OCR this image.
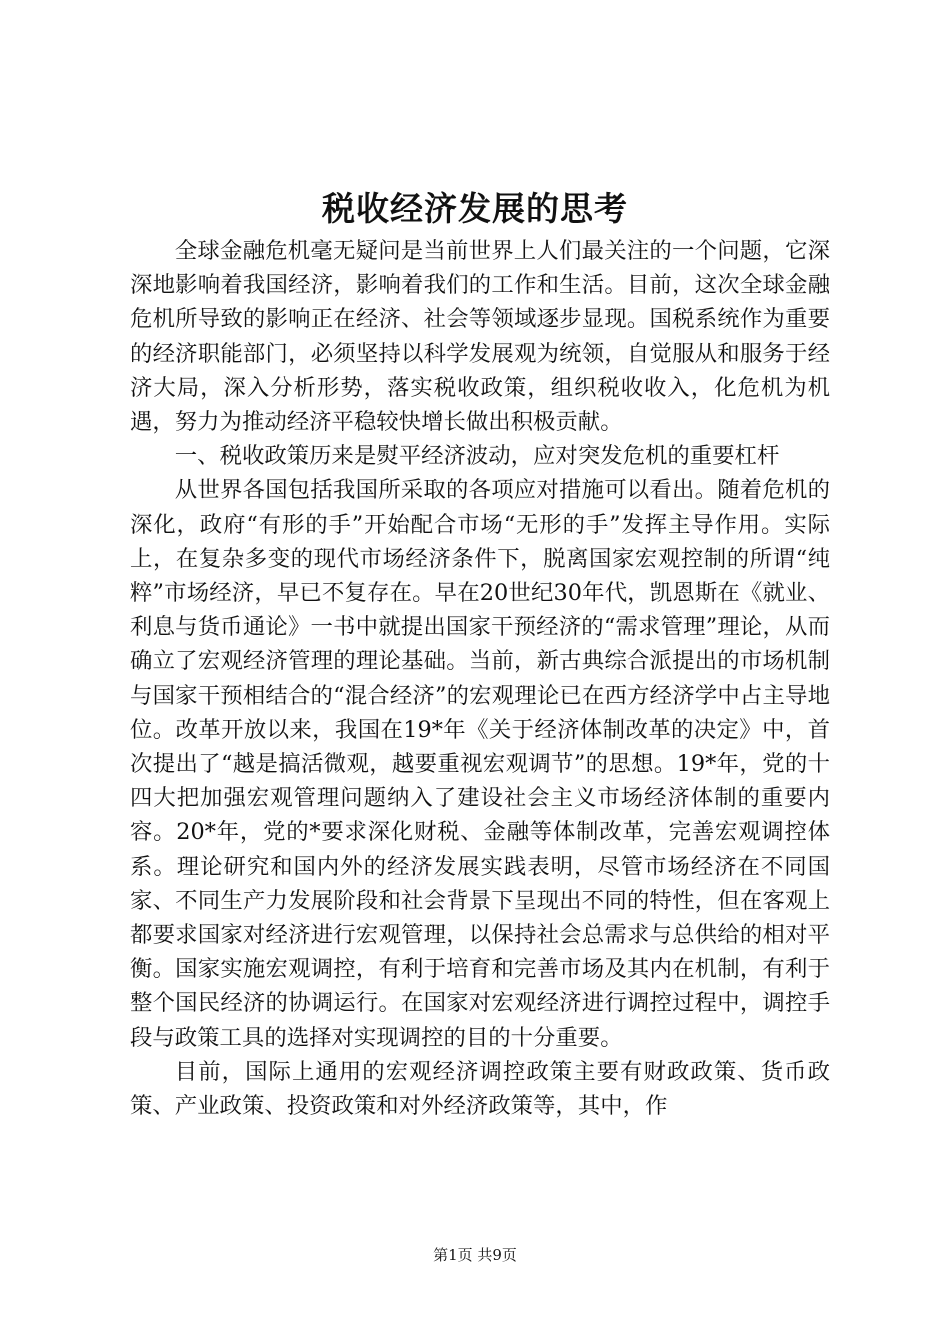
税收经济发展的思考

全球金融危机毫无疑问是当前世界上人们最关注的一个问题，它深深地影响着我国经济，影响着我们的工作和生活。目前，这次全球金融危机所导致的影响正在经济、社会等领域逐步显现。国税系统作为重要的经济职能部门，必须坚持以科学发展观为统领，自觉服从和服务于经济大局，深入分析形势，落实税收政策，组织税收收入，化危机为机遇，努力为推动经济平稳较快增长做出积极贡献。

一、税收政策历来是熨平经济波动，应对突发危机的重要杠杆

从世界各国包括我国所采取的各项应对措施可以看出。随着危机的深化，政府“有形的手”开始配合市场“无形的手”发挥主导作用。实际上，在复杂多变的现代市场经济条件下，脱离国家宏观控制的所谓“纯粹”市场经济，早已不复存在。早在20世纪30年代，凯恩斯在《就业、利息与货币通论》一书中就提出国家干预经济的“需求管理”理论，从而确立了宏观经济管理的理论基础。当前，新古典综合派提出的市场机制与国家干预相结合的“混合经济”的宏观理论已在西方经济学中占主导地位。改革开放以来，我国在19*年《关于经济体制改革的决定》中，首次提出了“越是搞活微观，越要重视宏观调节”的思想。19*年，党的十四大把加强宏观管理问题纳入了建设社会主义市场经济体制的重要内容。20*年，党的*要求深化财税、金融等体制改革，完善宏观调控体系。理论研究和国内外的经济发展实践表明，尽管市场经济在不同国家、不同生产力发展阶段和社会背景下呈现出不同的特性，但在客观上都要求国家对经济进行宏观管理，以保持社会总需求与总供给的相对平衡。国家实施宏观调控，有利于培育和完善市场及其内在机制，有利于整个国民经济的协调运行。在国家对宏观经济进行调控过程中，调控手段与政策工具的选择对实现调控的目的十分重要。

目前，国际上通用的宏观经济调控政策主要有财政政策、货币政策、产业政策、投资政策和对外经济政策等，其中，作

第1页 共9页
